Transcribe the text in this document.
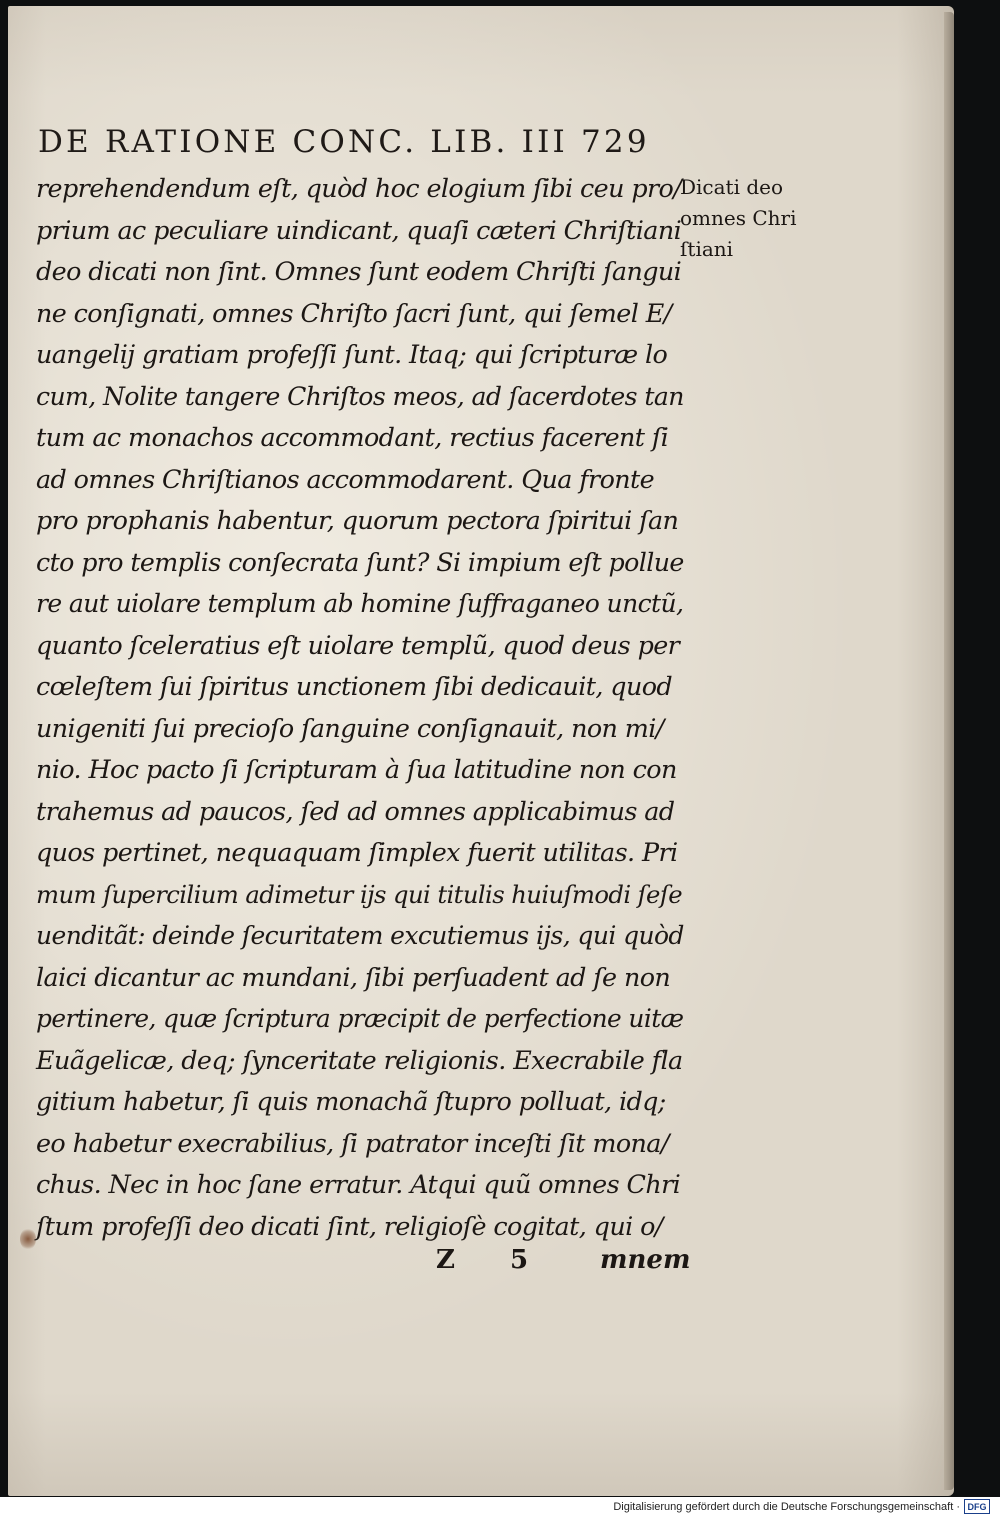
DE RATIONE CONC. LIB. III 729
reprehendendum eſt, quòd hoc elogium ſibi ceu pro/
prium ac peculiare uindicant, quaſi cæteri Chriſtiani
deo dicati non ſint. Omnes ſunt eodem Chriſti ſangui
ne conſignati, omnes Chriſto ſacri ſunt, qui ſemel E/
uangelij gratiam profeſſi ſunt. Itaq; qui ſcripturæ lo
cum, Nolite tangere Chriſtos meos, ad ſacerdotes tan
tum ac monachos accommodant, rectius facerent ſi
ad omnes Chriſtianos accommodarent. Qua fronte
pro prophanis habentur, quorum pectora ſpiritui ſan
cto pro templis conſecrata ſunt? Si impium eſt pollue
re aut uiolare templum ab homine ſuffraganeo unctũ,
quanto ſceleratius eſt uiolare templũ, quod deus per
cœleſtem ſui ſpiritus unctionem ſibi dedicauit, quod
unigeniti ſui precioſo ſanguine conſignauit, non mi/
nio. Hoc pacto ſi ſcripturam à ſua latitudine non con
trahemus ad paucos, ſed ad omnes applicabimus ad
quos pertinet, nequaquam ſimplex fuerit utilitas. Pri
mum ſupercilium adimetur ijs qui titulis huiuſmodi ſeſe
uenditãt: deinde ſecuritatem excutiemus ijs, qui quòd
laici dicantur ac mundani, ſibi perſuadent ad ſe non
pertinere, quæ ſcriptura præcipit de perfectione uitæ
Euãgelicæ, deq; ſynceritate religionis. Execrabile fla
gitium habetur, ſi quis monachã ſtupro polluat, idq;
eo habetur execrabilius, ſi patrator inceſti ſit mona/
chus. Nec in hoc ſane erratur. Atqui quũ omnes Chri
ſtum profeſſi deo dicati ſint, religioſè cogitat, qui o/
Dicati deo
omnes Chri
ſtiani
Z 5	mnem
Digitalisierung gefördert durch die Deutsche Forschungsgemeinschaft · DFG
